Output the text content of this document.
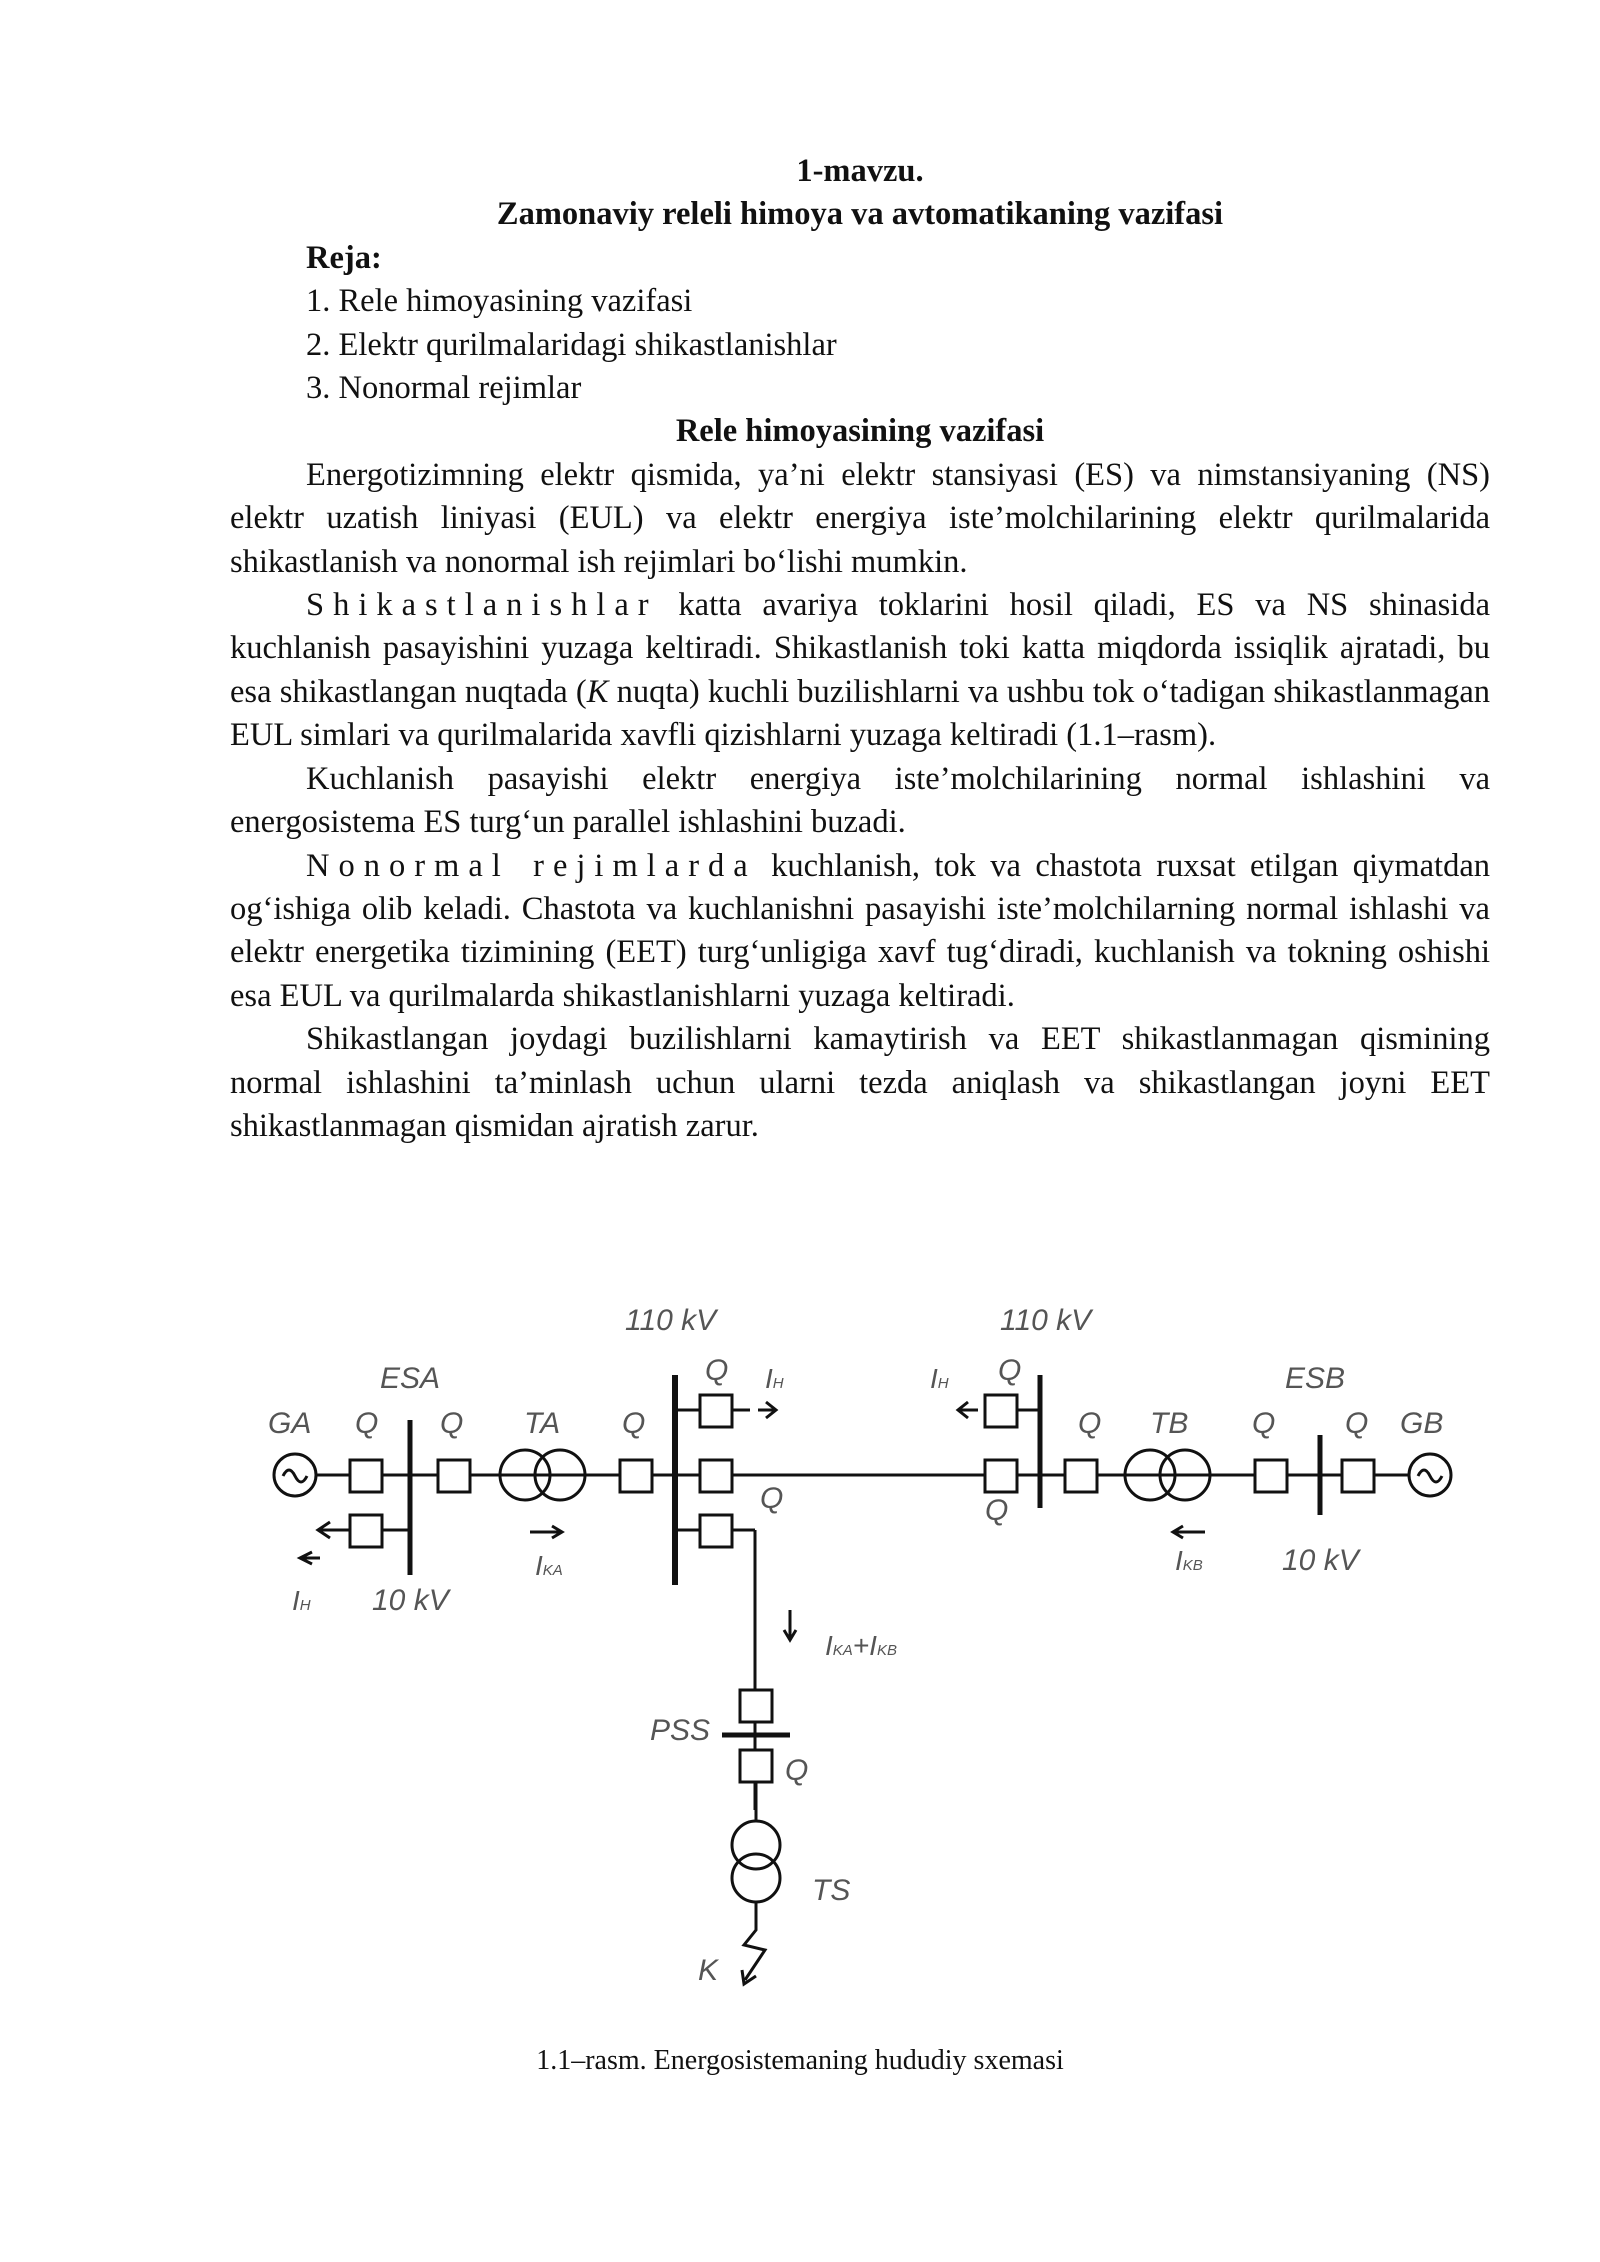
1-mavzu.
Zamonaviy releli himoya va avtomatikaning vazifasi
Reja:
1. Rele himoyasining vazifasi
2. Elektr qurilmalaridagi shikastlanishlar
3. Nonormal rejimlar
Rele himoyasining vazifasi

Energotizimning elektr qismida, ya’ni elektr stansiyasi (ES) va nimstansiyaning (NS) elektr uzatish liniyasi (EUL) va elektr energiya iste’molchilarining elektr qurilmalarida shikastlanish va nonormal ish rejimlari bo‘lishi mumkin.

Shikastlanishlar katta avariya toklarini hosil qiladi, ES va NS shinasida kuchlanish pasayishini yuzaga keltiradi. Shikastlanish toki katta miqdorda issiqlik ajratadi, bu esa shikastlangan nuqtada (K nuqta) kuchli buzilishlarni va ushbu tok o‘tadigan shikastlanmagan EUL simlari va qurilmalarida xavfli qizishlarni yuzaga keltiradi (1.1–rasm).

Kuchlanish pasayishi elektr energiya iste’molchilarining normal ishlashini va energosistema ES turg‘un parallel ishlashini buzadi.

Nonormal rejimlarda kuchlanish, tok va chastota ruxsat etilgan qiymatdan og‘ishiga olib keladi. Chastota va kuchlanishni pasayishi iste’molchilarning normal ishlashi va elektr energetika tizimining (EET) turg‘unligiga xavf tug‘diradi, kuchlanish va tokning oshishi esa EUL va qurilmalarda shikastlanishlarni yuzaga keltiradi.

Shikastlangan joydagi buzilishlarni kamaytirish va EET shikastlanmagan qismining normal ishlashini ta’minlash uchun ularni tezda aniqlash va shikastlangan joyni EET shikastlanmagan qismidan ajratish zarur.

110 kV	110 kV
ESA	ESB
GA	GB
Q Q TA Q
Q	Q
Q TB Q Q
Q	Q
Q
IH	IH
IH 10 kV
IKA	IKB	10 kV
IKA+IKB
PSS
TS
K
1.1–rasm. Energosistemaning hududiy sxemasi
